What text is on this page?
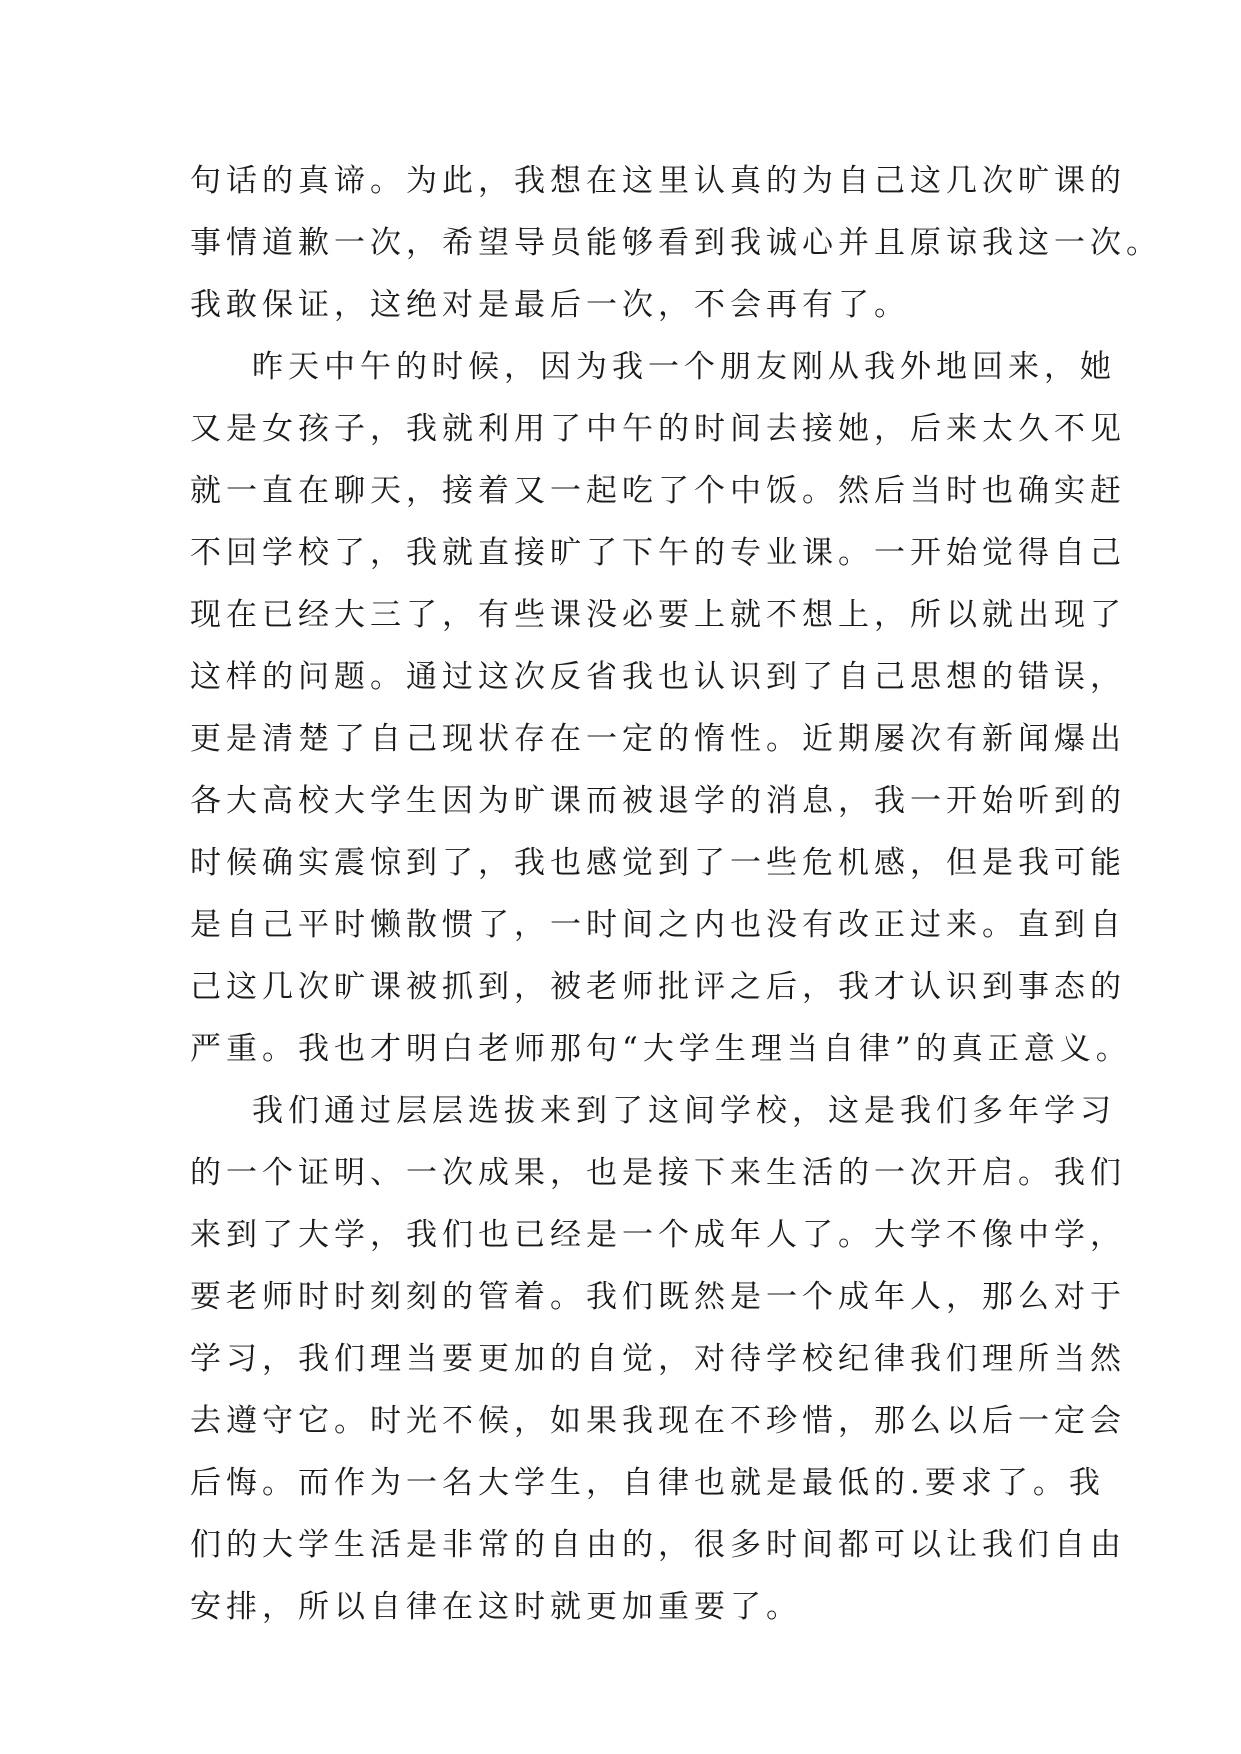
句话的真谛。为此，我想在这里认真的为自己这几次旷课的
事情道歉一次，希望导员能够看到我诚心并且原谅我这一次。
我敢保证，这绝对是最后一次，不会再有了。
昨天中午的时候，因为我一个朋友刚从我外地回来，她
又是女孩子，我就利用了中午的时间去接她，后来太久不见
就一直在聊天，接着又一起吃了个中饭。然后当时也确实赶
不回学校了，我就直接旷了下午的专业课。一开始觉得自己
现在已经大三了，有些课没必要上就不想上，所以就出现了
这样的问题。通过这次反省我也认识到了自己思想的错误，
更是清楚了自己现状存在一定的惰性。近期屡次有新闻爆出
各大高校大学生因为旷课而被退学的消息，我一开始听到的
时候确实震惊到了，我也感觉到了一些危机感，但是我可能
是自己平时懒散惯了，一时间之内也没有改正过来。直到自
己这几次旷课被抓到，被老师批评之后，我才认识到事态的
严重。我也才明白老师那句“大学生理当自律”的真正意义。
我们通过层层选拔来到了这间学校，这是我们多年学习
的一个证明、一次成果，也是接下来生活的一次开启。我们
来到了大学，我们也已经是一个成年人了。大学不像中学，
要老师时时刻刻的管着。我们既然是一个成年人，那么对于
学习，我们理当要更加的自觉，对待学校纪律我们理所当然
去遵守它。时光不候，如果我现在不珍惜，那么以后一定会
后悔。而作为一名大学生，自律也就是最低的.要求了。我
们的大学生活是非常的自由的，很多时间都可以让我们自由
安排，所以自律在这时就更加重要了。
